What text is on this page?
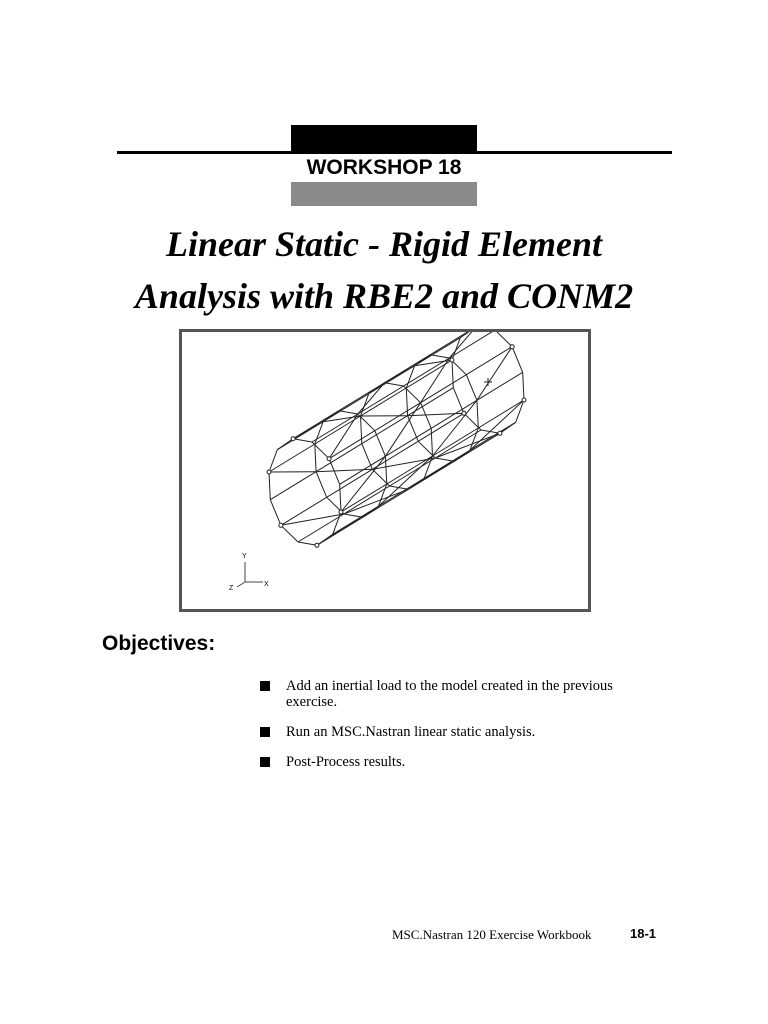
WORKSHOP 18
Linear Static - Rigid Element
Analysis with RBE2 and CONM2
Y
X
Z
Objectives:
Add an inertial load to the model created in the previous
exercise.
Run an MSC.Nastran linear static analysis.
Post-Process results.
MSC.Nastran 120 Exercise Workbook	18-1
